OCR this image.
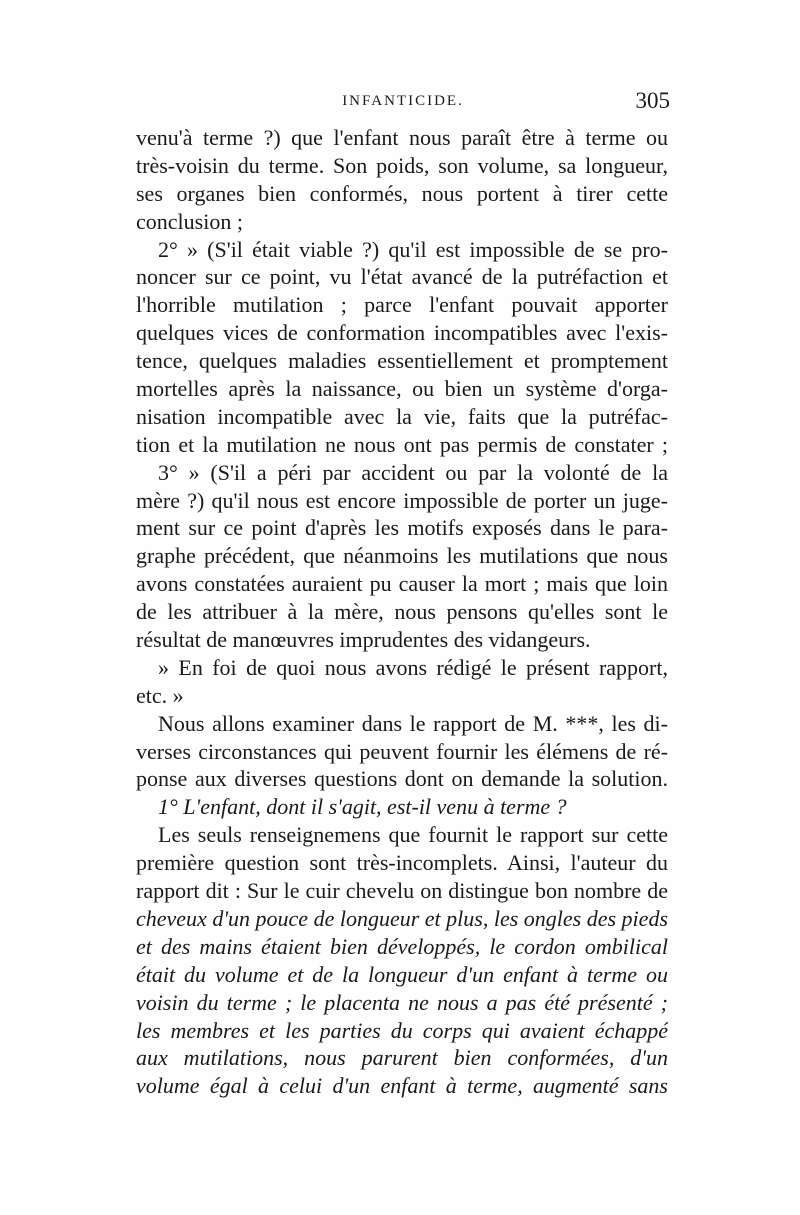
INFANTICIDE.	305
venu'à terme ?) que l'enfant nous paraît être à terme ou
très-voisin du terme. Son poids, son volume, sa longueur,
ses organes bien conformés, nous portent à tirer cette
conclusion ;
2° » (S'il était viable ?) qu'il est impossible de se pro-
noncer sur ce point, vu l'état avancé de la putréfaction et
l'horrible mutilation ; parce l'enfant pouvait apporter
quelques vices de conformation incompatibles avec l'exis-
tence, quelques maladies essentiellement et promptement
mortelles après la naissance, ou bien un système d'orga-
nisation incompatible avec la vie, faits que la putréfac-
tion et la mutilation ne nous ont pas permis de constater ;
3° » (S'il a péri par accident ou par la volonté de la
mère ?) qu'il nous est encore impossible de porter un juge-
ment sur ce point d'après les motifs exposés dans le para-
graphe précédent, que néanmoins les mutilations que nous
avons constatées auraient pu causer la mort ; mais que loin
de les attribuer à la mère, nous pensons qu'elles sont le
résultat de manœuvres imprudentes des vidangeurs.
» En foi de quoi nous avons rédigé le présent rapport,
etc. »
Nous allons examiner dans le rapport de M. ***, les di-
verses circonstances qui peuvent fournir les élémens de ré-
ponse aux diverses questions dont on demande la solution.
1° L'enfant, dont il s'agit, est-il venu à terme ?
Les seuls renseignemens que fournit le rapport sur cette
première question sont très-incomplets. Ainsi, l'auteur du
rapport dit : Sur le cuir chevelu on distingue bon nombre de
cheveux d'un pouce de longueur et plus, les ongles des pieds
et des mains étaient bien développés, le cordon ombilical
était du volume et de la longueur d'un enfant à terme ou
voisin du terme ; le placenta ne nous a pas été présenté ;
les membres et les parties du corps qui avaient échappé
aux mutilations, nous parurent bien conformées, d'un
volume égal à celui d'un enfant à terme, augmenté sans
